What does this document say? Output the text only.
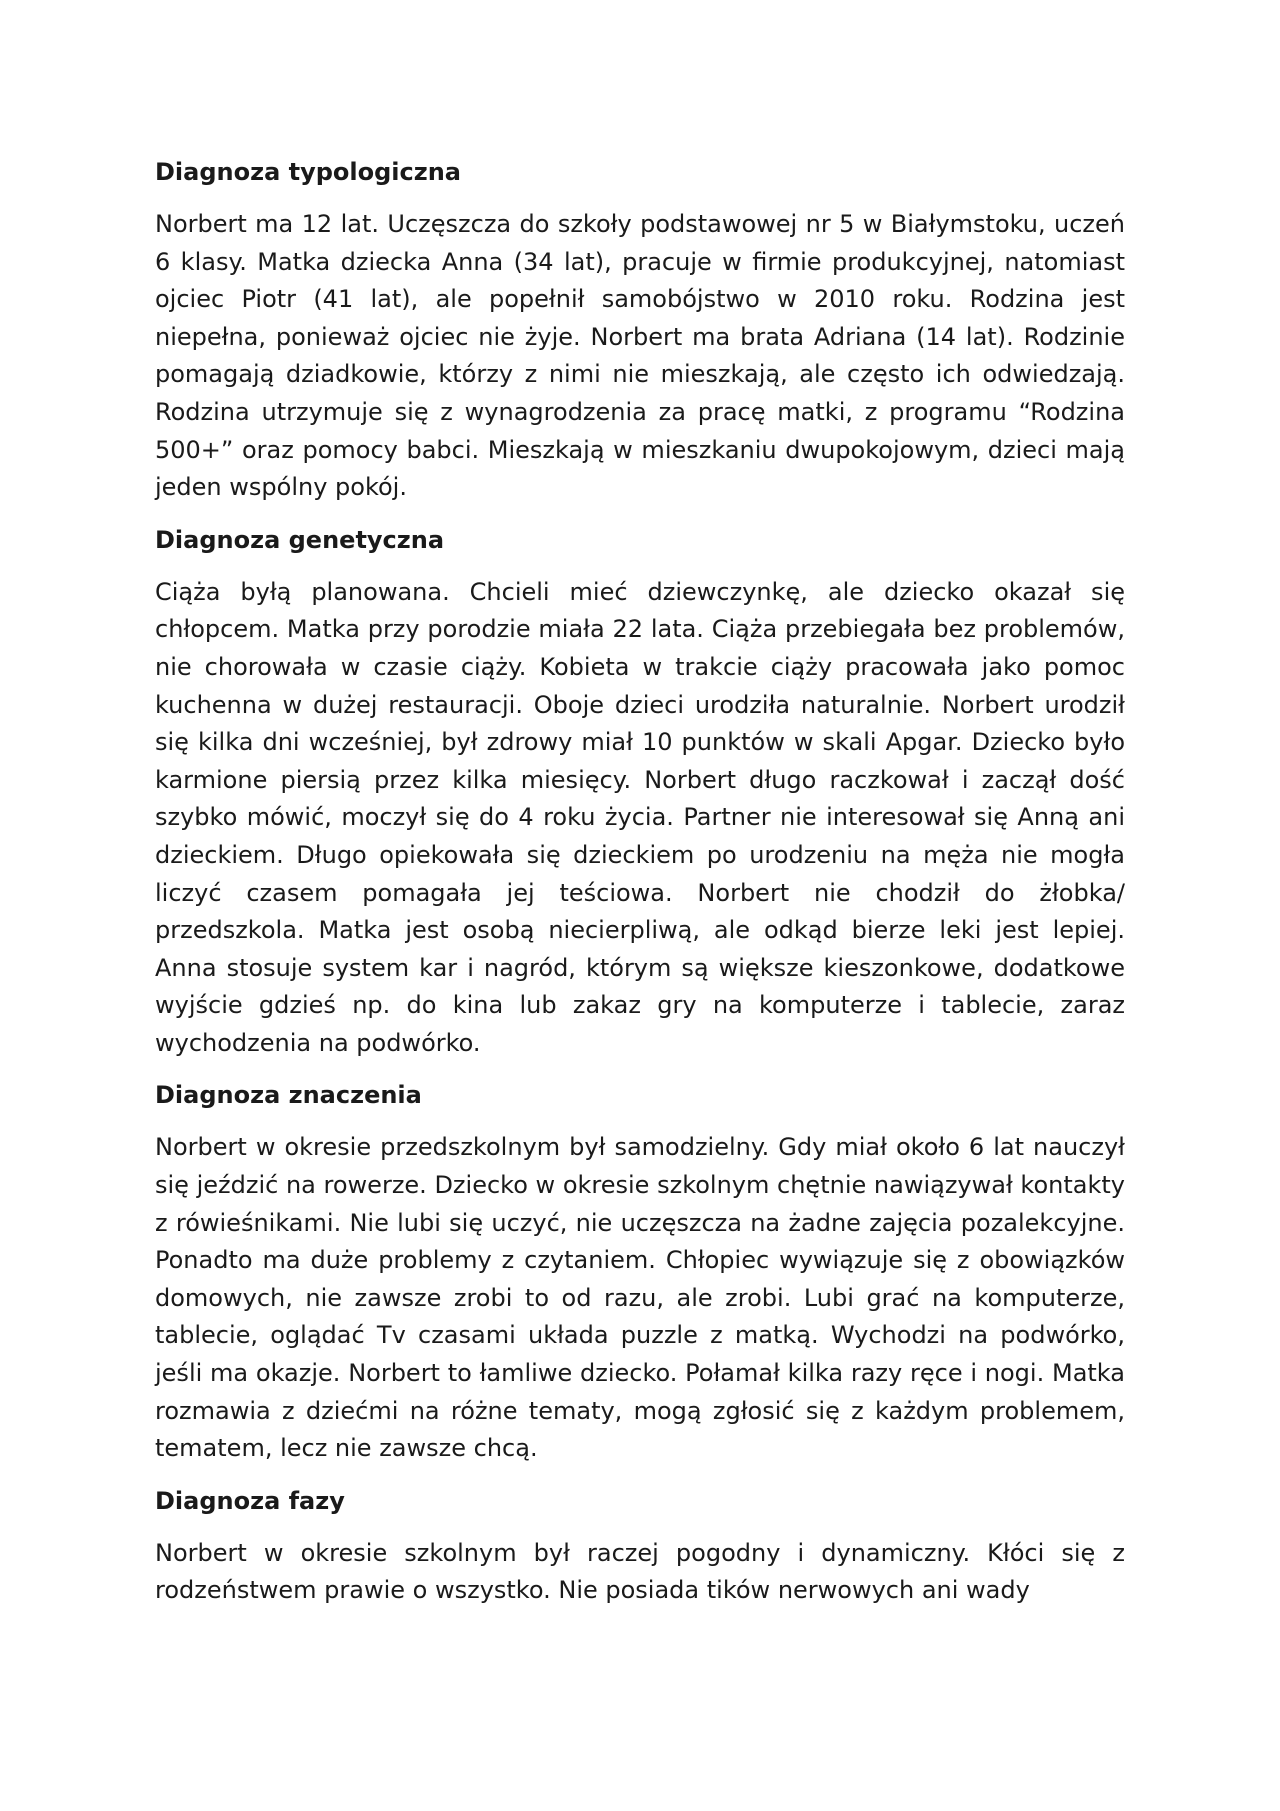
Diagnoza typologiczna

Norbert ma 12 lat. Uczęszcza do szkoły podstawowej nr 5 w Białymstoku, uczeń 6 klasy. Matka dziecka Anna (34 lat), pracuje w firmie produkcyjnej, natomiast ojciec Piotr (41 lat), ale popełnił samobójstwo w 2010 roku. Rodzina jest niepełna, ponieważ ojciec nie żyje. Norbert ma brata Adriana (14 lat). Rodzinie pomagają dziadkowie, którzy z nimi nie mieszkają, ale często ich odwiedzają. Rodzina utrzymuje się z wynagrodzenia za pracę matki, z programu “Rodzina 500+” oraz pomocy babci. Mieszkają w mieszkaniu dwupokojowym, dzieci mają jeden wspólny pokój.

Diagnoza genetyczna

Ciąża byłą planowana. Chcieli mieć dziewczynkę, ale dziecko okazał się chłopcem. Matka przy porodzie miała 22 lata. Ciąża przebiegała bez problemów, nie chorowała w czasie ciąży. Kobieta w trakcie ciąży pracowała jako pomoc kuchenna w dużej restauracji. Oboje dzieci urodziła naturalnie. Norbert urodził się kilka dni wcześniej, był zdrowy miał 10 punktów w skali Apgar. Dziecko było karmione piersią przez kilka miesięcy. Norbert długo raczkował i zaczął dość szybko mówić, moczył się do 4 roku życia. Partner nie interesował się Anną ani dzieckiem. Długo opiekowała się dzieckiem po urodzeniu na męża nie mogła liczyć czasem pomagała jej teściowa. Norbert nie chodził do żłobka/ przedszkola. Matka jest osobą niecierpliwą, ale odkąd bierze leki jest lepiej. Anna stosuje system kar i nagród, którym są większe kieszonkowe, dodatkowe wyjście gdzieś np. do kina lub zakaz gry na komputerze i tablecie, zaraz wychodzenia na podwórko.

Diagnoza znaczenia

Norbert w okresie przedszkolnym był samodzielny. Gdy miał około 6 lat nauczył się jeździć na rowerze. Dziecko w okresie szkolnym chętnie nawiązywał kontakty z rówieśnikami. Nie lubi się uczyć, nie uczęszcza na żadne zajęcia pozalekcyjne. Ponadto ma duże problemy z czytaniem. Chłopiec wywiązuje się z obowiązków domowych, nie zawsze zrobi to od razu, ale zrobi. Lubi grać na komputerze, tablecie, oglądać Tv czasami układa puzzle z matką. Wychodzi na podwórko, jeśli ma okazje. Norbert to łamliwe dziecko. Połamał kilka razy ręce i nogi. Matka rozmawia z dziećmi na różne tematy, mogą zgłosić się z każdym problemem, tematem, lecz nie zawsze chcą.

Diagnoza fazy

Norbert w okresie szkolnym był raczej pogodny i dynamiczny. Kłóci się z rodzeństwem prawie o wszystko. Nie posiada tików nerwowych ani wady
